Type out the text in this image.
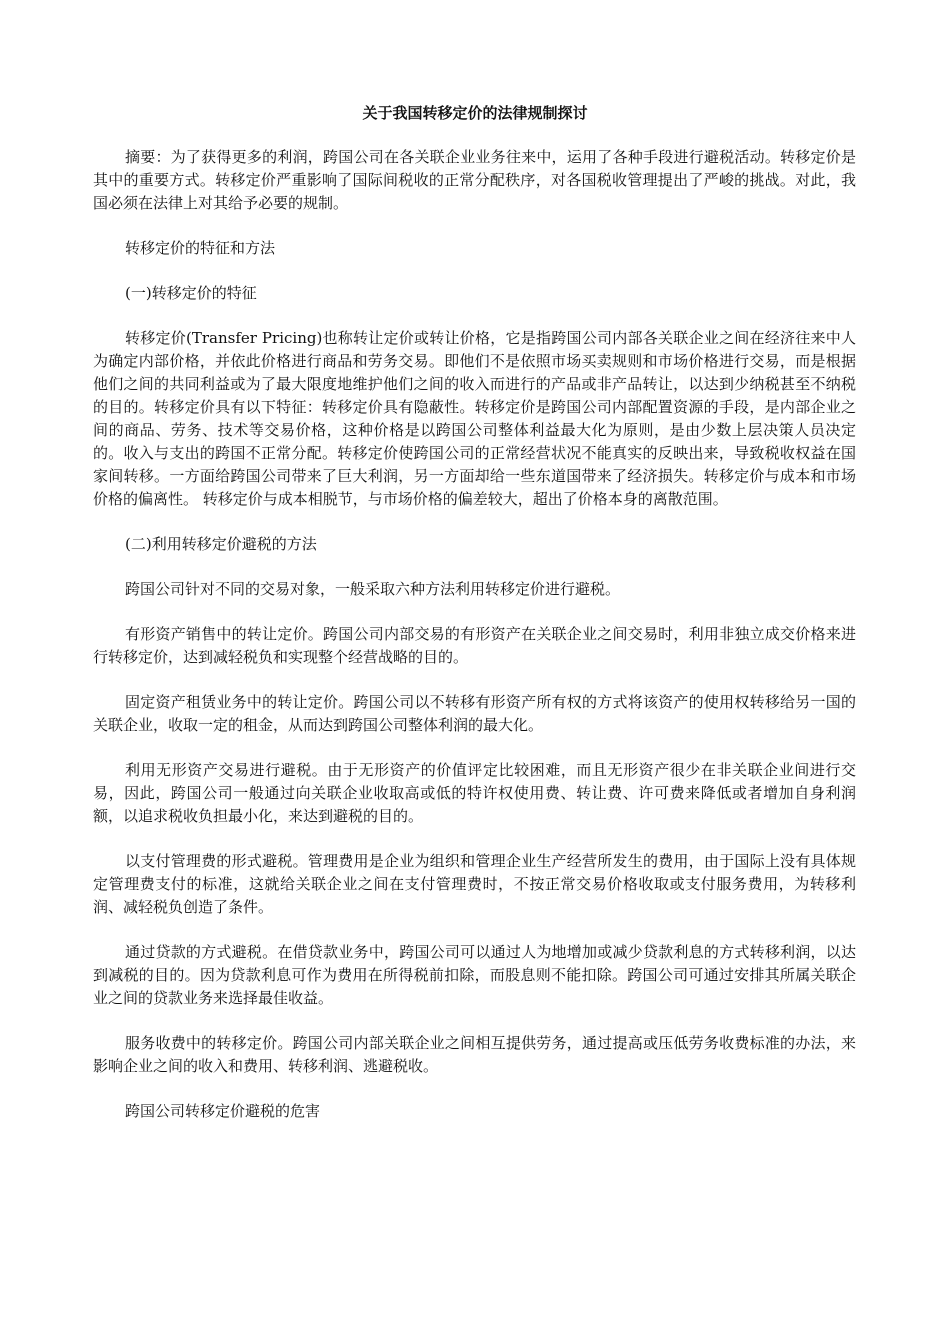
关于我国转移定价的法律规制探讨

摘要：为了获得更多的利润，跨国公司在各关联企业业务往来中，运用了各种手段进行避税活动。转移定价是其中的重要方式。转移定价严重影响了国际间税收的正常分配秩序，对各国税收管理提出了严峻的挑战。对此，我国必须在法律上对其给予必要的规制。

转移定价的特征和方法

(一)转移定价的特征

转移定价(Transfer Pricing)也称转让定价或转让价格，它是指跨国公司内部各关联企业之间在经济往来中人为确定内部价格，并依此价格进行商品和劳务交易。即他们不是依照市场买卖规则和市场价格进行交易，而是根据他们之间的共同利益或为了最大限度地维护他们之间的收入而进行的产品或非产品转让，以达到少纳税甚至不纳税的目的。转移定价具有以下特征：转移定价具有隐蔽性。转移定价是跨国公司内部配置资源的手段，是内部企业之间的商品、劳务、技术等交易价格，这种价格是以跨国公司整体利益最大化为原则，是由少数上层决策人员决定的。收入与支出的跨国不正常分配。转移定价使跨国公司的正常经营状况不能真实的反映出来，导致税收权益在国家间转移。一方面给跨国公司带来了巨大利润，另一方面却给一些东道国带来了经济损失。转移定价与成本和市场价格的偏离性。 转移定价与成本相脱节，与市场价格的偏差较大，超出了价格本身的离散范围。

(二)利用转移定价避税的方法

跨国公司针对不同的交易对象，一般采取六种方法利用转移定价进行避税。

有形资产销售中的转让定价。跨国公司内部交易的有形资产在关联企业之间交易时，利用非独立成交价格来进行转移定价，达到减轻税负和实现整个经营战略的目的。

固定资产租赁业务中的转让定价。跨国公司以不转移有形资产所有权的方式将该资产的使用权转移给另一国的关联企业，收取一定的租金，从而达到跨国公司整体利润的最大化。

利用无形资产交易进行避税。由于无形资产的价值评定比较困难，而且无形资产很少在非关联企业间进行交易，因此，跨国公司一般通过向关联企业收取高或低的特许权使用费、转让费、许可费来降低或者增加自身利润额，以追求税收负担最小化，来达到避税的目的。

以支付管理费的形式避税。管理费用是企业为组织和管理企业生产经营所发生的费用，由于国际上没有具体规定管理费支付的标准，这就给关联企业之间在支付管理费时，不按正常交易价格收取或支付服务费用，为转移利润、减轻税负创造了条件。

通过贷款的方式避税。在借贷款业务中，跨国公司可以通过人为地增加或减少贷款利息的方式转移利润，以达到减税的目的。因为贷款利息可作为费用在所得税前扣除，而股息则不能扣除。跨国公司可通过安排其所属关联企业之间的贷款业务来选择最佳收益。

服务收费中的转移定价。跨国公司内部关联企业之间相互提供劳务，通过提高或压低劳务收费标准的办法，来影响企业之间的收入和费用、转移利润、逃避税收。

跨国公司转移定价避税的危害
